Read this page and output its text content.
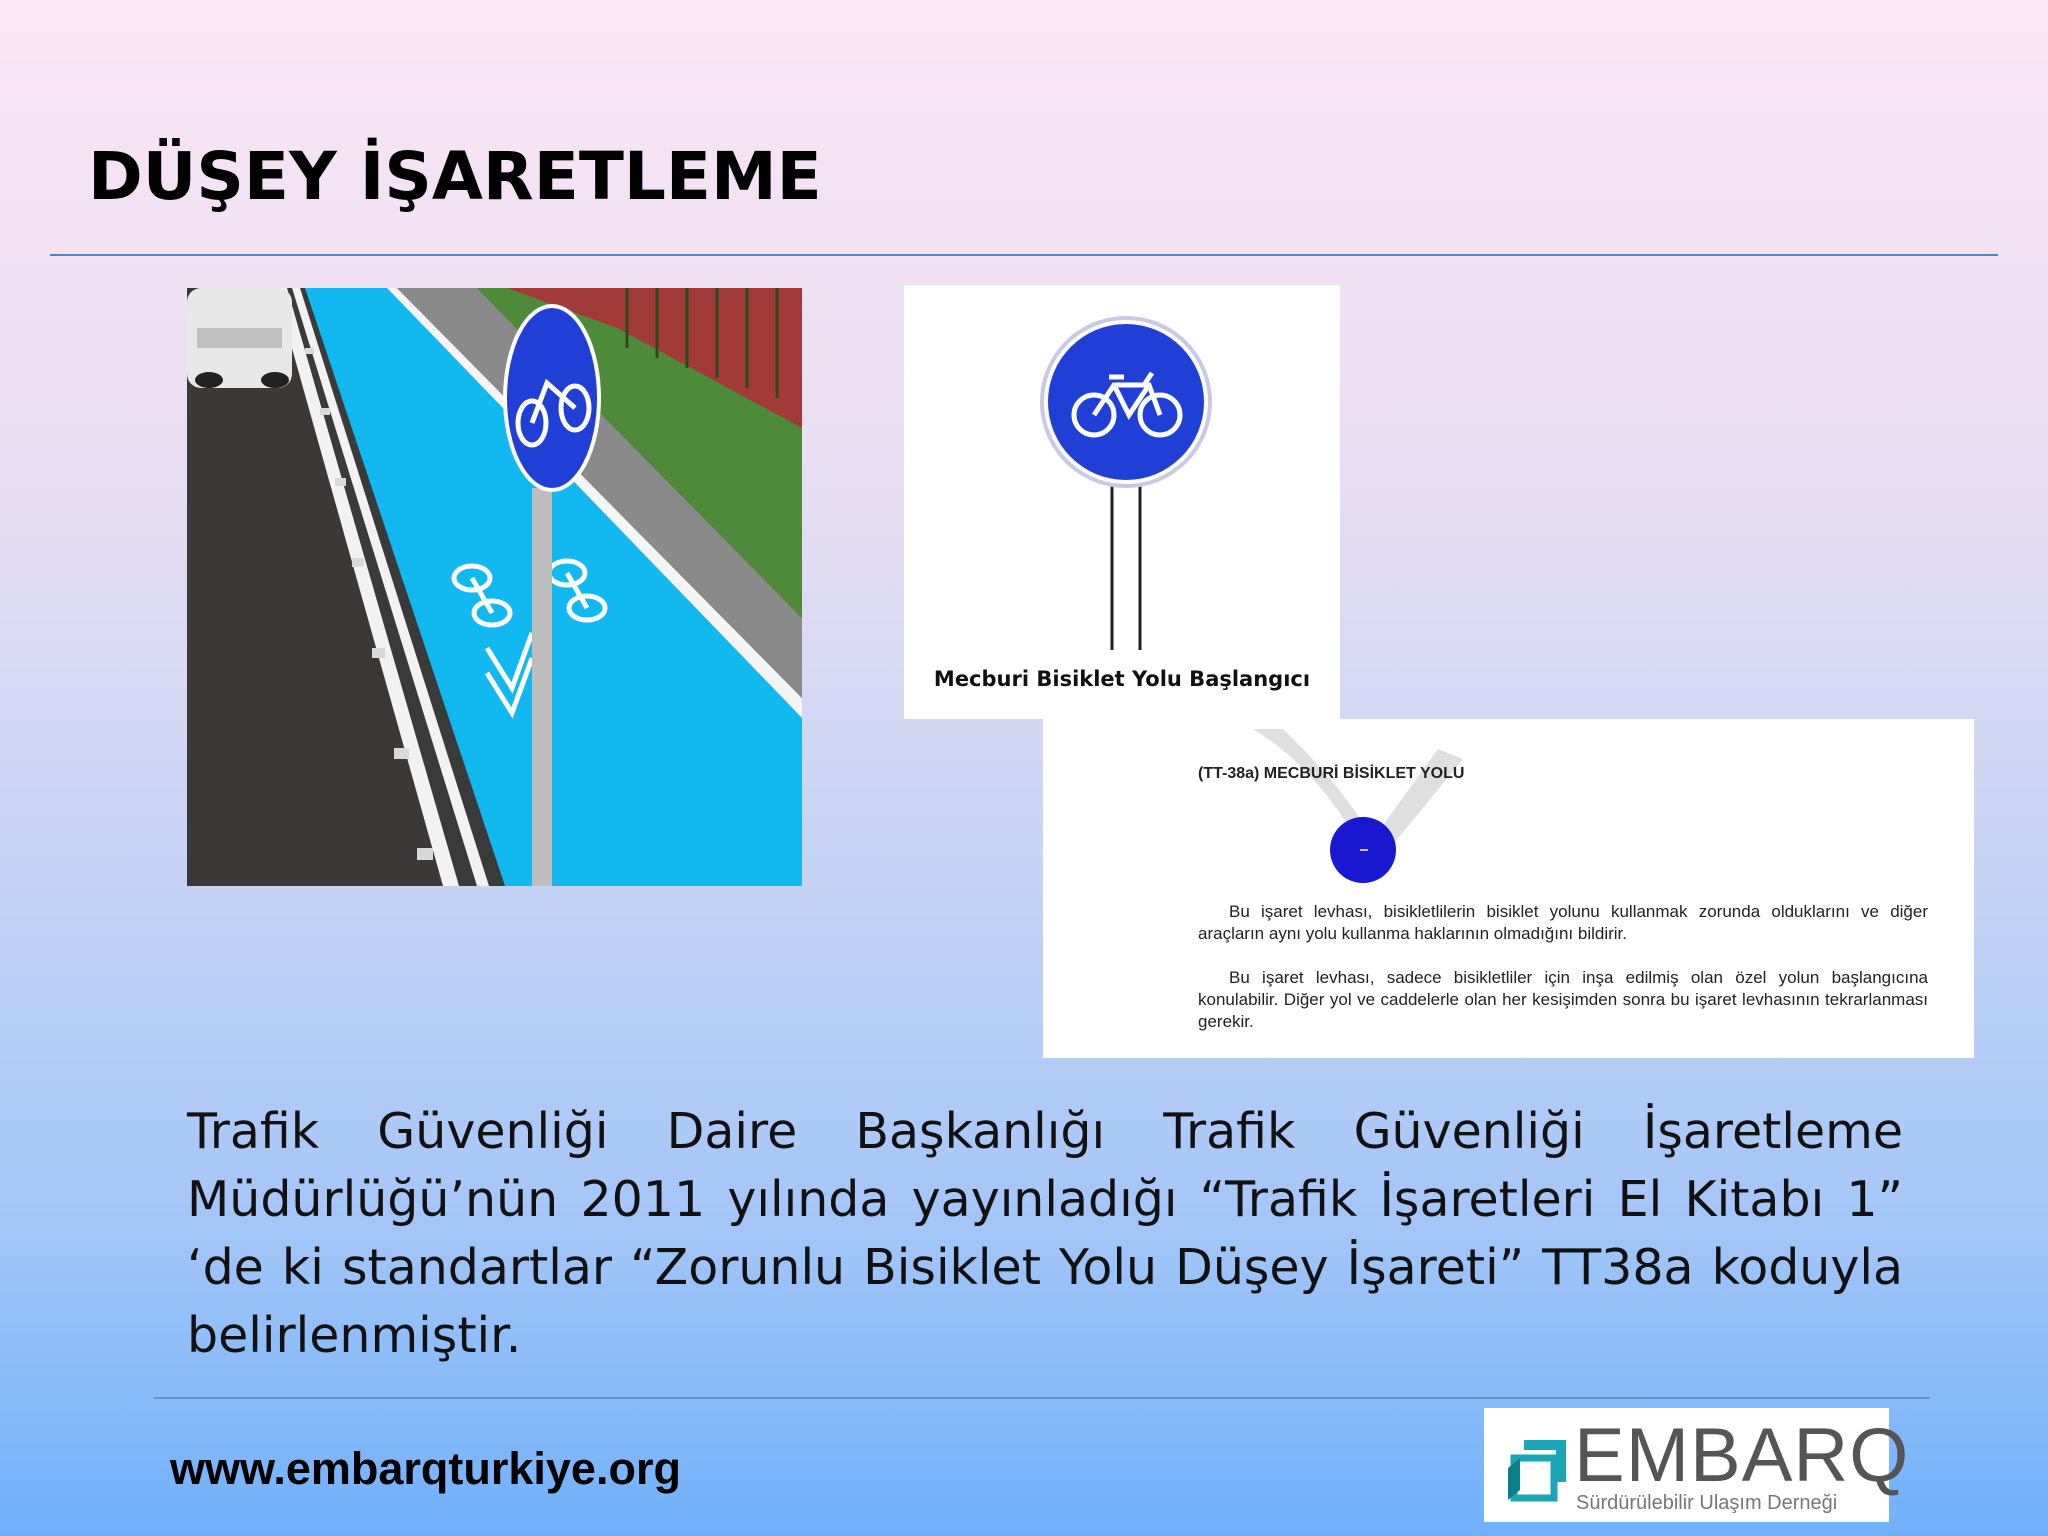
DÜŞEY İŞARETLEME
Mecburi Bisiklet Yolu Başlangıcı
(TT-38a) MECBURİ BİSİKLET YOLU

Bu işaret levhası, bisikletlilerin bisiklet yolunu kullanmak zorunda olduklarını ve diğer araçların aynı yolu kullanma haklarının olmadığını bildirir.

Bu işaret levhası, sadece bisikletliler için inşa edilmiş olan özel yolun başlangıcına konulabilir. Diğer yol ve caddelerle olan her kesişimden sonra bu işaret levhasının tekrarlanması gerekir.

Trafik Güvenliği Daire Başkanlığı Trafik Güvenliği İşaretleme Müdürlüğü’nün 2011 yılında yayınladığı “Trafik İşaretleri El Kitabı 1” ‘de ki standartlar “Zorunlu Bisiklet Yolu Düşey İşareti” TT38a koduyla belirlenmiştir.

www.embarqturkiye.org	EMBARQ
Sürdürülebilir Ulaşım Derneği
